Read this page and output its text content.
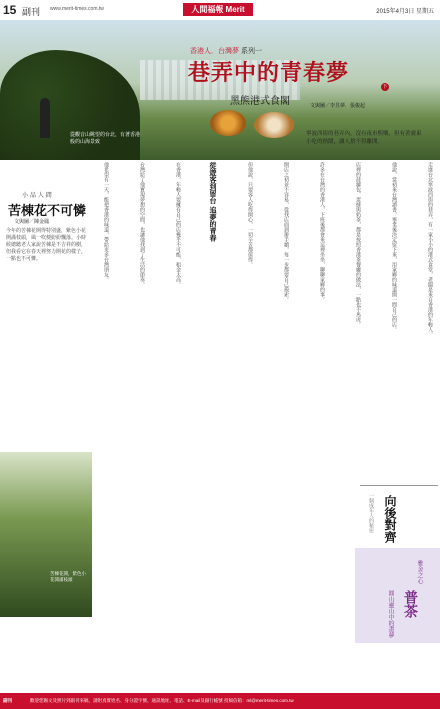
15 副刊 www.merit-times.com.tw	人間福報 Merit	2015年4月3日 星期五
從觀音山眺望的台北，有著香港般的山海景致
香港人．台灣夢 系列一
巷弄中的青春夢
下
黑熊港式食閣	文與圖／李昱夢．張俊起
寧波西街的巷弄內，沒有夜市熙嚷，但有著廣東小吃的熱鬧，讓人捨不得離開。
小 品 人 間
苦棟花不可憐
文與圖／陳金鳳
今年的苦棟花開得特別盛，紫色小花開滿枝頭，風一吹便紛紛飄落。小時候總聽老人家說苦棟是不吉祥的樹，但我看它在春天裡努力開花的樣子，一點也不可憐。
苦棟花開，紫色小花開滿枝頭
走進台北寧波西街的巷弄，有一家小小的港式食堂，老闆是來自香港的年輕人。
他說，當初來台灣讀書，畢業後決定留下來，用家鄉的味道開一間自己的店。
店裡的菠蘿包、蛋撻與奶茶，都是按照香港茶餐廳的做法，一點也不馬虎。
許多在台灣的香港人，下班後都會來這裡坐坐，聊聊家鄉的事。
開店之初並不容易，從找店面到辦手續，每一步都要自己摸索。
但他說，只要客人吃得開心，一切辛苦都值得。
從遊客到留台 追夢的青春
在香港，年輕人要擁有自己的店幾乎不可能，租金太高。
台灣給了他實現夢想的空間，也讓他找到了生活的節奏。
他希望有一天，能把香港的味道，帶給更多台灣朋友。
一個成年人的秘密 向後對齊
雅舍之心
普茶
圓山靈山中的畫夢
副刊	歡迎您賜文及照片到副刊來稿，請附真實姓名、身分證字號、通訊地址、電話、E-mail及銀行帳號 投稿信箱：ml@merit-times.com.tw
